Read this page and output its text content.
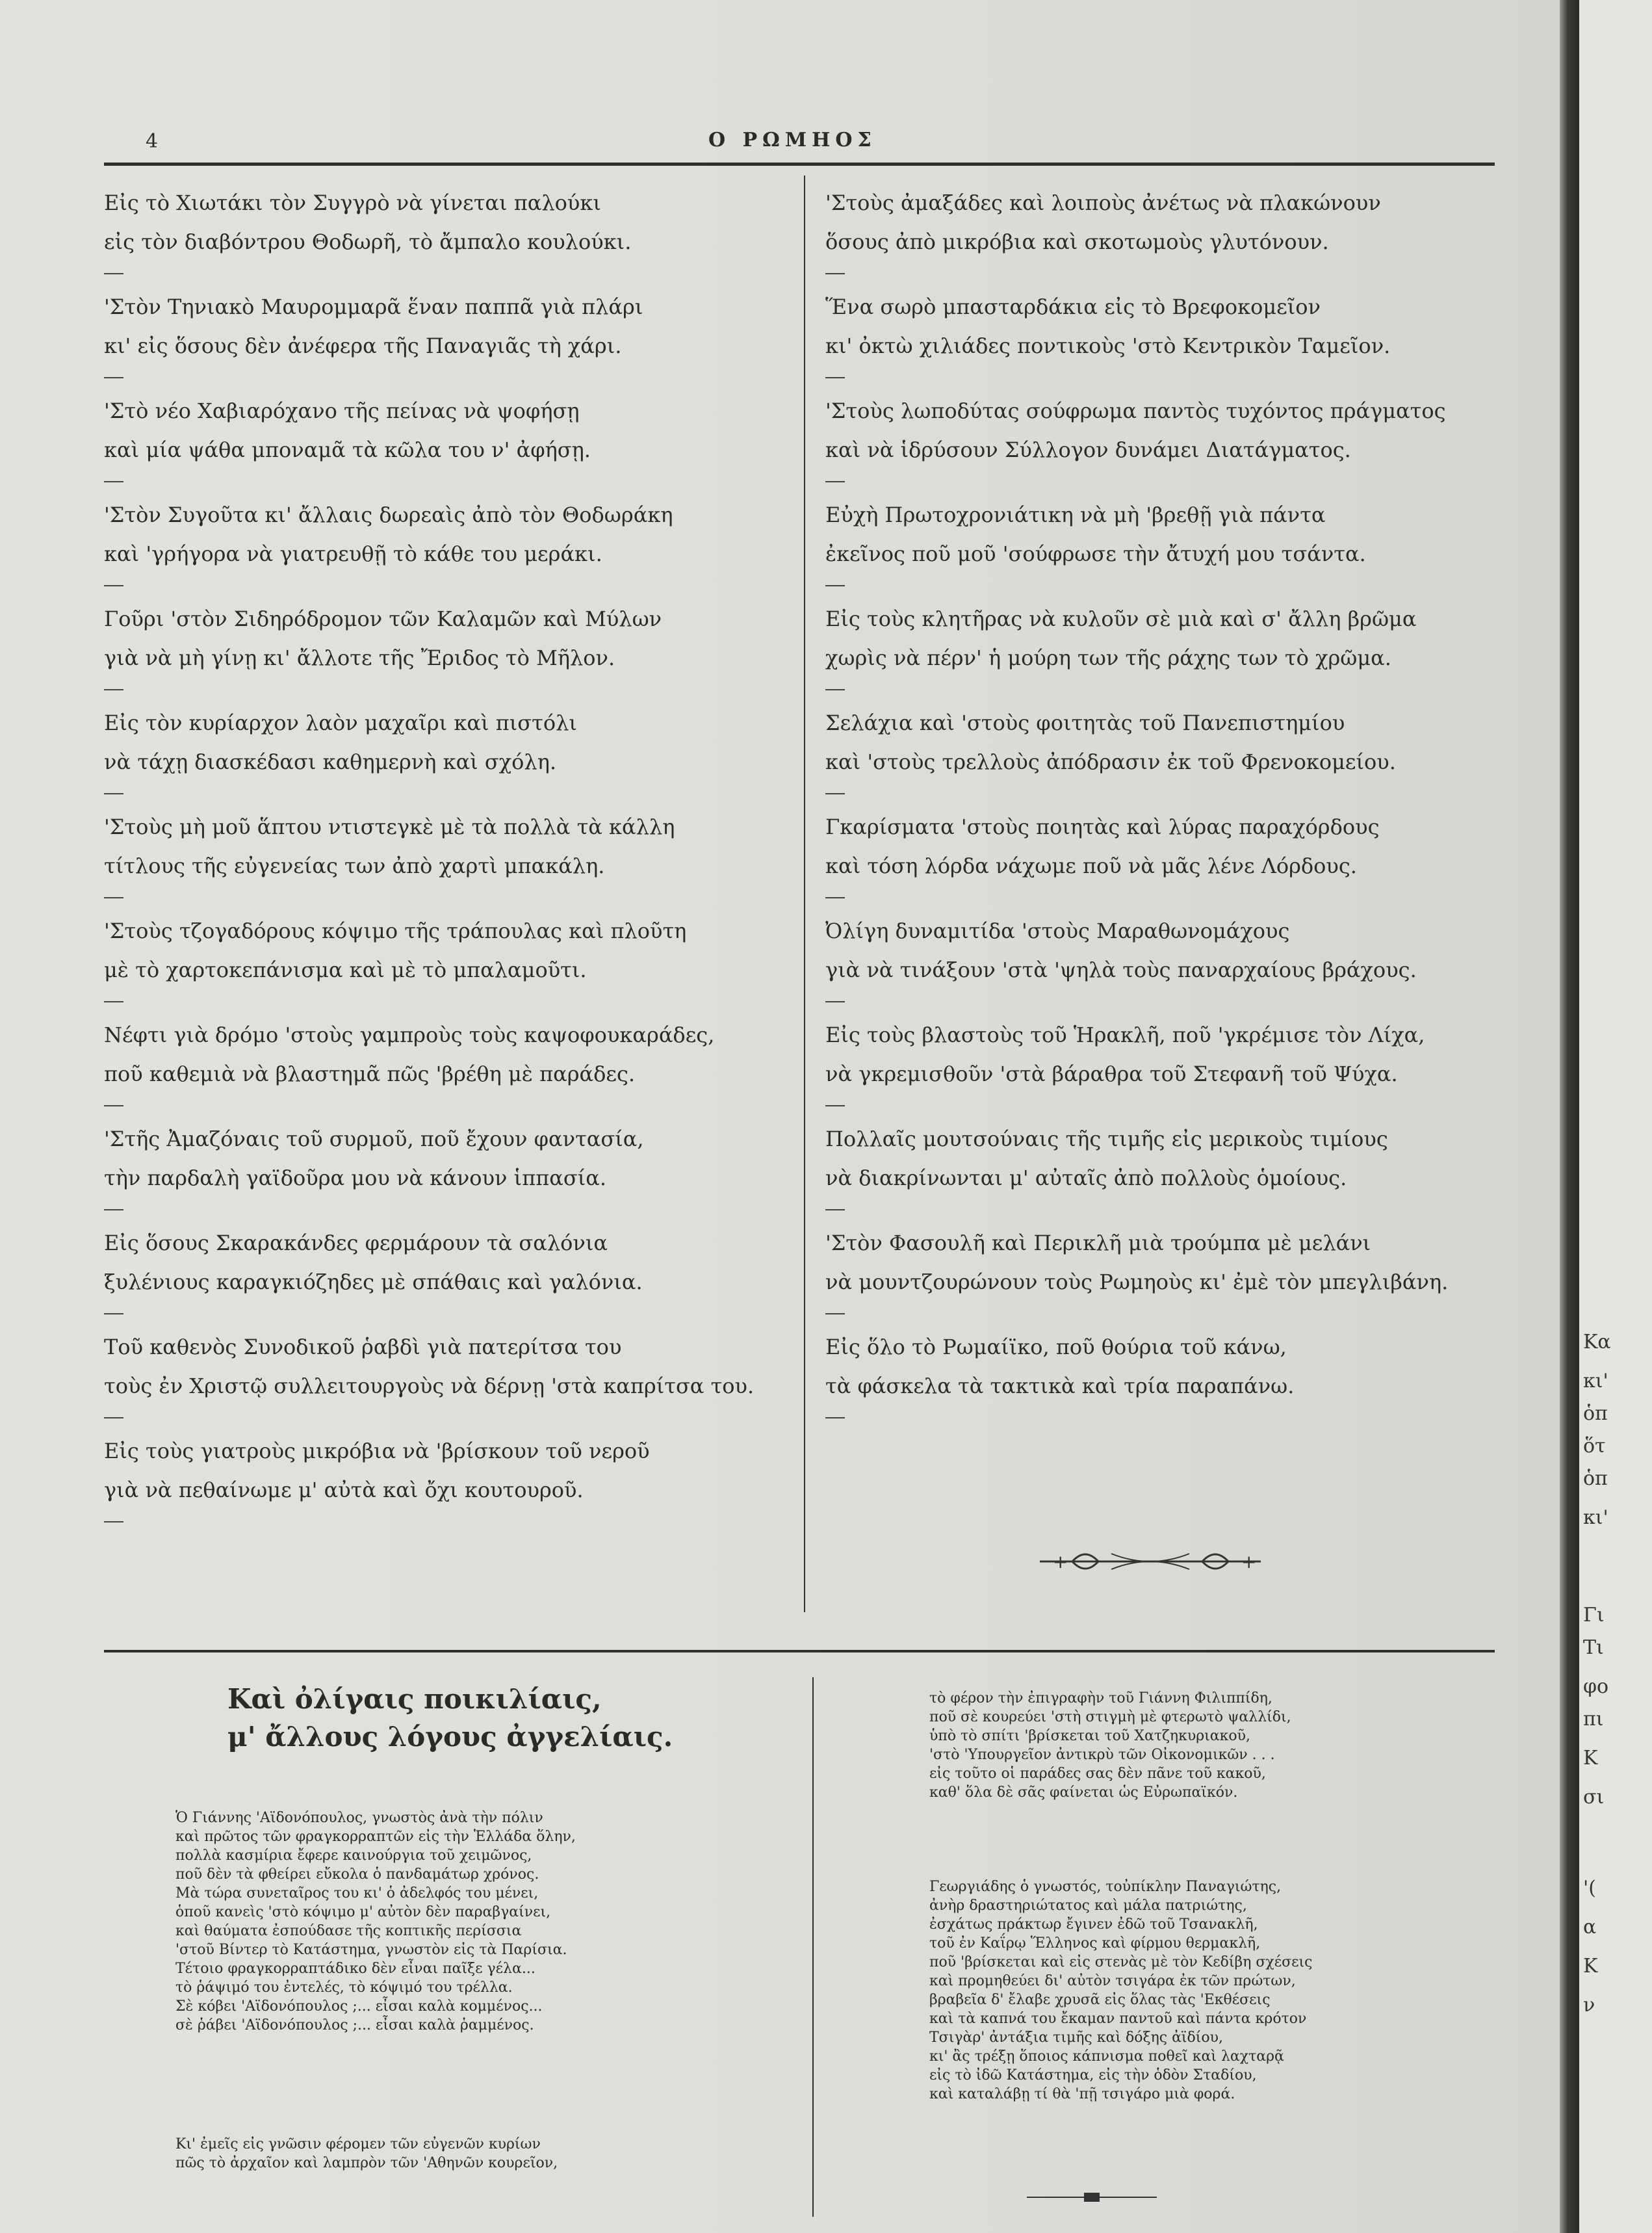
4	Ο ΡΩΜΗΟΣ
Εἰς τὸ Χιωτάκι τὸν Συγγρὸ νὰ γίνεται παλούκι
εἰς τὸν διαβόντρου Θοδωρῆ, τὸ ἄμπαλο κουλούκι.
'Στὸν Τηνιακὸ Μαυρομμαρᾶ ἕναν παππᾶ γιὰ πλάρι
κι' εἰς ὅσους δὲν ἀνέφερα τῆς Παναγιᾶς τὴ χάρι.
'Στὸ νέο Χαβιαρόχανο τῆς πείνας νὰ ψοφήσῃ
καὶ μία ψάθα μποναμᾶ τὰ κῶλα του ν' ἀφήσῃ.
'Στὸν Συγοῦτα κι' ἄλλαις δωρεαὶς ἀπὸ τὸν Θοδωράκη
καὶ 'γρήγορα νὰ γιατρευθῇ τὸ κάθε του μεράκι.
Γοῦρι 'στὸν Σιδηρόδρομον τῶν Καλαμῶν καὶ Μύλων
γιὰ νὰ μὴ γίνῃ κι' ἄλλοτε τῆς Ἔριδος τὸ Μῆλον.
Εἰς τὸν κυρίαρχον λαὸν μαχαῖρι καὶ πιστόλι
νὰ τάχῃ διασκέδασι καθημερνὴ καὶ σχόλη.
'Στοὺς μὴ μοῦ ἅπτου ντιστεγκὲ μὲ τὰ πολλὰ τὰ κάλλη
τίτλους τῆς εὐγενείας των ἀπὸ χαρτὶ μπακάλη.
'Στοὺς τζογαδόρους κόψιμο τῆς τράπουλας καὶ πλοῦτη
μὲ τὸ χαρτοκεπάνισμα καὶ μὲ τὸ μπαλαμοῦτι.
Νέφτι γιὰ δρόμο 'στοὺς γαμπροὺς τοὺς καψοφουκαράδες,
ποῦ καθεμιὰ νὰ βλαστημᾶ πῶς 'βρέθη μὲ παράδες.
'Στῆς Ἀμαζόναις τοῦ συρμοῦ, ποῦ ἔχουν φαντασία,
τὴν παρδαλὴ γαϊδοῦρα μου νὰ κάνουν ἱππασία.
Εἰς ὅσους Σκαρακάνδες φερμάρουν τὰ σαλόνια
ξυλένιους καραγκιόζηδες μὲ σπάθαις καὶ γαλόνια.
Τοῦ καθενὸς Συνοδικοῦ ῥαβδὶ γιὰ πατερίτσα του
τοὺς ἐν Χριστῷ συλλειτουργοὺς νὰ δέρνῃ 'στὰ καπρίτσα του.
Εἰς τοὺς γιατροὺς μικρόβια νὰ 'βρίσκουν τοῦ νεροῦ
γιὰ νὰ πεθαίνωμε μ' αὐτὰ καὶ ὄχι κουτουροῦ.
'Στοὺς ἀμαξάδες καὶ λοιποὺς ἀνέτως νὰ πλακώνουν
ὅσους ἀπὸ μικρόβια καὶ σκοτωμοὺς γλυτόνουν.
Ἕνα σωρὸ μπασταρδάκια εἰς τὸ Βρεφοκομεῖον
κι' ὀκτὼ χιλιάδες ποντικοὺς 'στὸ Κεντρικὸν Ταμεῖον.
'Στοὺς λωποδύτας σούφρωμα παντὸς τυχόντος πράγματος
καὶ νὰ ἱδρύσουν Σύλλογον δυνάμει Διατάγματος.
Εὐχὴ Πρωτοχρονιάτικη νὰ μὴ 'βρεθῇ γιὰ πάντα
ἐκεῖνος ποῦ μοῦ 'σούφρωσε τὴν ἄτυχή μου τσάντα.
Εἰς τοὺς κλητῆρας νὰ κυλοῦν σὲ μιὰ καὶ σ' ἄλλη βρῶμα
χωρὶς νὰ πέρν' ἡ μούρη των τῆς ράχης των τὸ χρῶμα.
Σελάχια καὶ 'στοὺς φοιτητὰς τοῦ Πανεπιστημίου
καὶ 'στοὺς τρελλοὺς ἀπόδρασιν ἐκ τοῦ Φρενοκομείου.
Γκαρίσματα 'στοὺς ποιητὰς καὶ λύρας παραχόρδους
καὶ τόση λόρδα νάχωμε ποῦ νὰ μᾶς λένε Λόρδους.
Ὀλίγη δυναμιτίδα 'στοὺς Μαραθωνομάχους
γιὰ νὰ τινάξουν 'στὰ 'ψηλὰ τοὺς παναρχαίους βράχους.
Εἰς τοὺς βλαστοὺς τοῦ Ἡρακλῆ, ποῦ 'γκρέμισε τὸν Λίχα,
νὰ γκρεμισθοῦν 'στὰ βάραθρα τοῦ Στεφανῆ τοῦ Ψύχα.
Πολλαῖς μουτσούναις τῆς τιμῆς εἰς μερικοὺς τιμίους
νὰ διακρίνωνται μ' αὐταῖς ἀπὸ πολλοὺς ὁμοίους.
'Στὸν Φασουλῆ καὶ Περικλῆ μιὰ τρούμπα μὲ μελάνι
νὰ μουντζουρώνουν τοὺς Ρωμηοὺς κι' ἐμὲ τὸν μπεγλιβάνη.
Εἰς ὅλο τὸ Ρωμαίϊκο, ποῦ θούρια τοῦ κάνω,
τὰ φάσκελα τὰ τακτικὰ καὶ τρία παραπάνω.
+	+
Καὶ ὀλίγαις ποικιλίαις,
μ' ἄλλους λόγους ἀγγελίαις.
Ὁ Γιάννης 'Αϊδονόπουλος, γνωστὸς ἀνὰ τὴν πόλιν
καὶ πρῶτος τῶν φραγκορραπτῶν εἰς τὴν Ἑλλάδα ὅλην,
πολλὰ κασμίρια ἔφερε καινούργια τοῦ χειμῶνος,
ποῦ δὲν τὰ φθείρει εὔκολα ὁ πανδαμάτωρ χρόνος.
Μὰ τώρα συνεταῖρος του κι' ὁ ἀδελφός του μένει,
ὁποῦ κανεὶς 'στὸ κόψιμο μ' αὐτὸν δὲν παραβγαίνει,
καὶ θαύματα ἐσπούδασε τῆς κοπτικῆς περίσσια
'στοῦ Βίντερ τὸ Κατάστημα, γνωστὸν εἰς τὰ Παρίσια.
Τέτοιο φραγκορραπτάδικο δὲν εἶναι παῖξε γέλα...
τὸ ῥάψιμό του ἐντελές, τὸ κόψιμό του τρέλλα.
Σὲ κόβει 'Αϊδονόπουλος ;... εἶσαι καλὰ κομμένος...
σὲ ῥάβει 'Αϊδονόπουλος ;... εἶσαι καλὰ ῥαμμένος.
Κι' ἐμεῖς εἰς γνῶσιν φέρομεν τῶν εὐγενῶν κυρίων
πῶς τὸ ἀρχαῖον καὶ λαμπρὸν τῶν 'Αθηνῶν κουρεῖον,
τὸ φέρον τὴν ἐπιγραφὴν τοῦ Γιάννη Φιλιππίδη,
ποῦ σὲ κουρεύει 'στὴ στιγμὴ μὲ φτερωτὸ ψαλλίδι,
ὑπὸ τὸ σπίτι 'βρίσκεται τοῦ Χατζηκυριακοῦ,
'στὸ 'Υπουργεῖον ἀντικρὺ τῶν Οἰκονομικῶν . . .
εἰς τοῦτο οἱ παράδες σας δὲν πᾶνε τοῦ κακοῦ,
καθ' ὅλα δὲ σᾶς φαίνεται ὡς Εὐρωπαϊκόν.
Γεωργιάδης ὁ γνωστός, τοὐπίκλην Παναγιώτης,
ἀνὴρ δραστηριώτατος καὶ μάλα πατριώτης,
ἐσχάτως πράκτωρ ἔγινεν ἐδῶ τοῦ Τσανακλῆ,
τοῦ ἐν Καΐρῳ Ἕλληνος καὶ φίρμου θερμακλῆ,
ποῦ 'βρίσκεται καὶ εἰς στενὰς μὲ τὸν Κεδίβη σχέσεις
καὶ προμηθεύει δι' αὐτὸν τσιγάρα ἐκ τῶν πρώτων,
βραβεῖα δ' ἔλαβε χρυσᾶ εἰς ὅλας τὰς 'Εκθέσεις
καὶ τὰ καπνά του ἔκαμαν παντοῦ καὶ πάντα κρότον
Τσιγὰρ' ἀντάξια τιμῆς καὶ δόξης ἀϊδίου,
κι' ἂς τρέξῃ ὅποιος κάπνισμα ποθεῖ καὶ λαχταρᾷ
εἰς τὸ ἰδῶ Κατάστημα, εἰς τὴν ὁδὸν Σταδίου,
καὶ καταλάβῃ τί θὰ 'πῇ τσιγάρο μιὰ φορά.
Κα
κι'
ὁπ
ὅτ
ὁπ
κι'
Γι
Τι
φο
πι
Κ
σι
'(
α
Κ
ν
